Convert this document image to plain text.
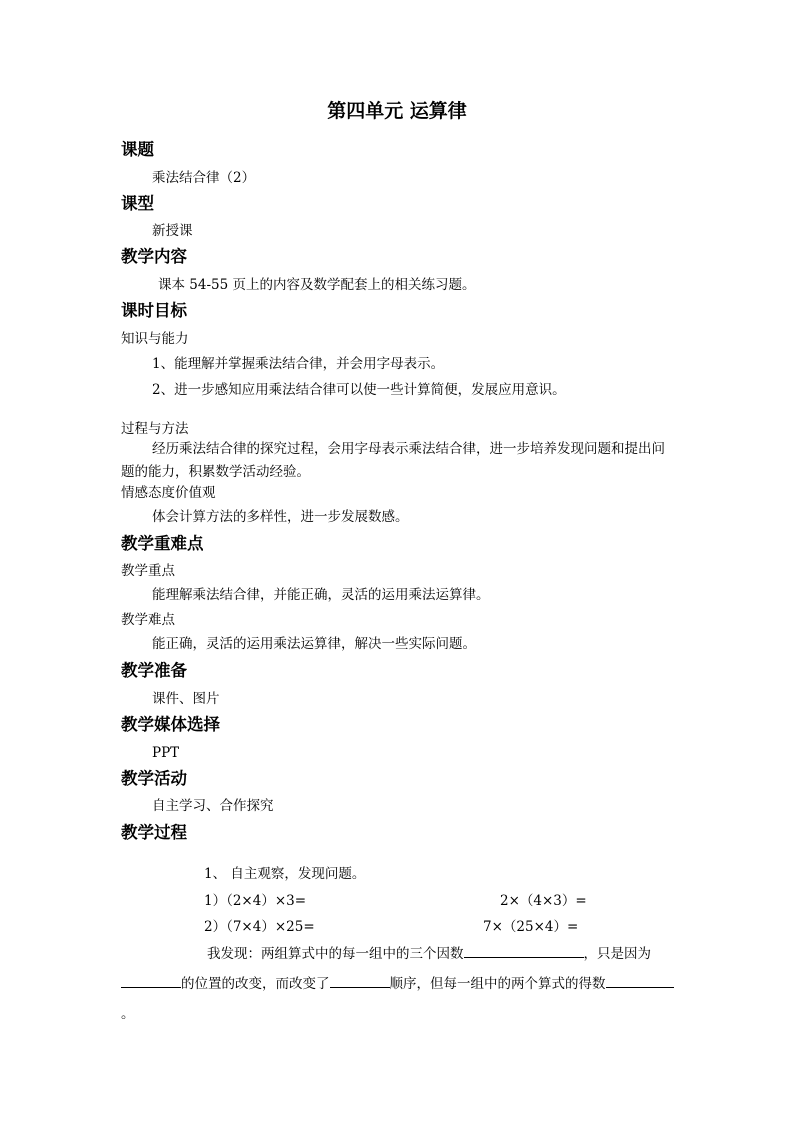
第四单元 运算律
课题
乘法结合律（2）
课型
新授课
教学内容
课本 54-55 页上的内容及数学配套上的相关练习题。
课时目标
知识与能力
1、能理解并掌握乘法结合律，并会用字母表示。
2、进一步感知应用乘法结合律可以使一些计算简便，发展应用意识。
过程与方法
经历乘法结合律的探究过程，会用字母表示乘法结合律，进一步培养发现问题和提出问题的能力，积累数学活动经验。
情感态度价值观
体会计算方法的多样性，进一步发展数感。
教学重难点
教学重点
能理解乘法结合律，并能正确，灵活的运用乘法运算律。
教学难点
能正确，灵活的运用乘法运算律，解决一些实际问题。
教学准备
课件、图片
教学媒体选择
PPT
教学活动
自主学习、合作探究
教学过程
1、 自主观察，发现问题。
1）（2×4）×3=	2×（4×3）=
2）（7×4）×25=	7×（25×4）=
我发现：两组算式中的每一组中的三个因数	，只是因为的位置的改变，而改变了	顺序，但每一组中的两个算式的得数。
